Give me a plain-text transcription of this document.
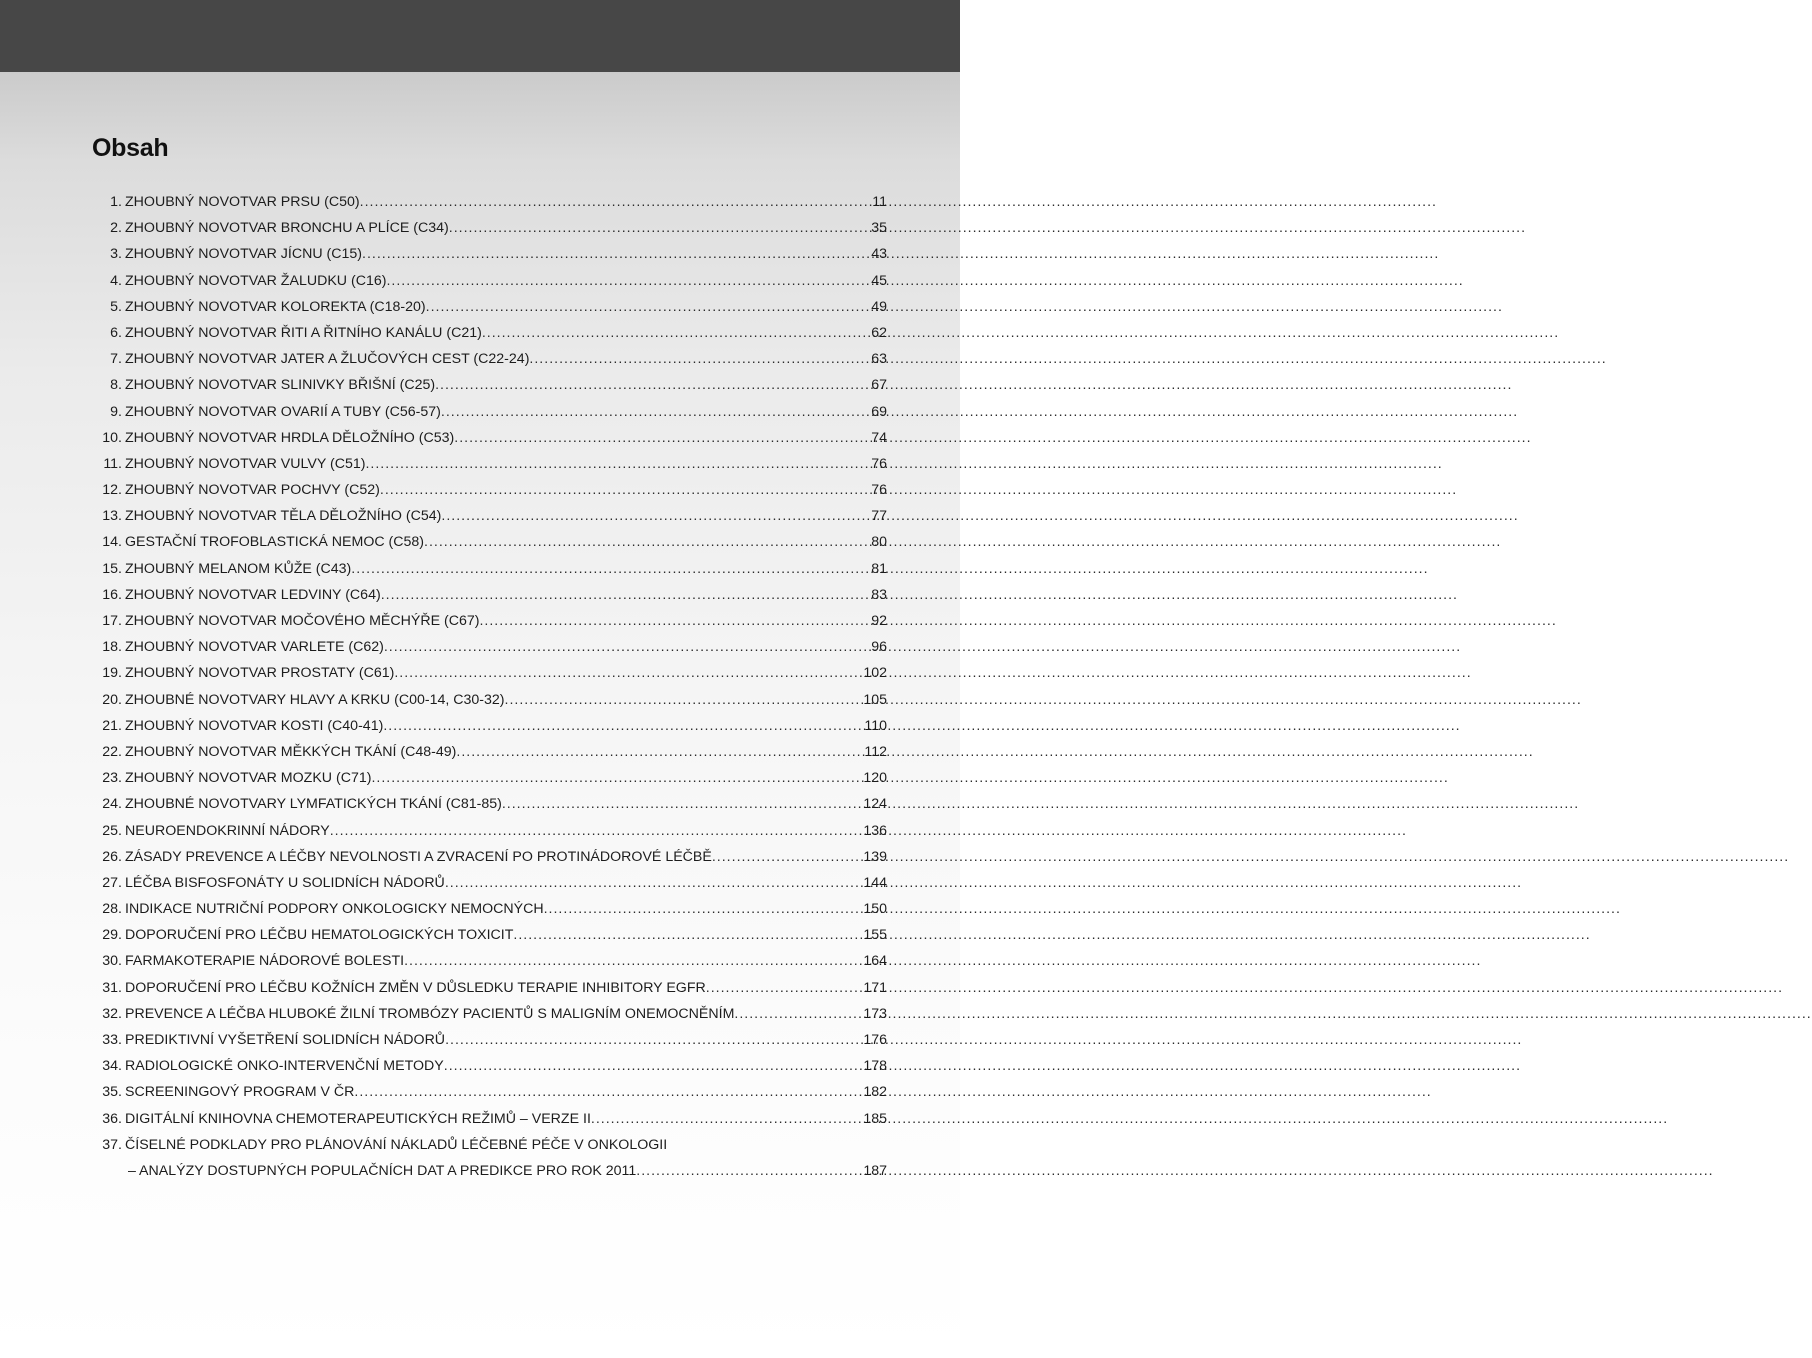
Obsah
1. ZHOUBNÝ NOVOTVAR PRSU (C50) .....	11
2. ZHOUBNÝ NOVOTVAR BRONCHU A PLÍCE (C34) .....	35
3. ZHOUBNÝ NOVOTVAR JÍCNU (C15) .....	43
4. ZHOUBNÝ NOVOTVAR ŽALUDKU (C16) .....	45
5. ZHOUBNÝ NOVOTVAR KOLOREKTA (C18-20) .....	49
6. ZHOUBNÝ NOVOTVAR ŘITI A ŘITNÍHO KANÁLU (C21) .....	62
7. ZHOUBNÝ NOVOTVAR JATER A ŽLUČOVÝCH CEST (C22-24) .....	63
8. ZHOUBNÝ NOVOTVAR SLINIVKY BŘIŠNÍ (C25) .....	67
9. ZHOUBNÝ NOVOTVAR OVARIÍ A TUBY (C56-57) .....	69
10. ZHOUBNÝ NOVOTVAR HRDLA DĚLOŽNÍHO (C53) .....	74
11. ZHOUBNÝ NOVOTVAR VULVY (C51) .....	76
12. ZHOUBNÝ NOVOTVAR POCHVY (C52) .....	76
13. ZHOUBNÝ NOVOTVAR TĚLA DĚLOŽNÍHO (C54) .....	77
14. GESTAČNÍ TROFOBLASTICKÁ NEMOC (C58) .....	80
15. ZHOUBNÝ MELANOM KŮŽE (C43) .....	81
16. ZHOUBNÝ NOVOTVAR LEDVINY (C64) .....	83
17. ZHOUBNÝ NOVOTVAR MOČOVÉHO MĚCHÝŘE (C67) .....	92
18. ZHOUBNÝ NOVOTVAR VARLETE (C62) .....	96
19. ZHOUBNÝ NOVOTVAR PROSTATY (C61) .....	102
20. ZHOUBNÉ NOVOTVARY HLAVY A KRKU (C00-14, C30-32) .....	105
21. ZHOUBNÝ NOVOTVAR KOSTI (C40-41) .....	110
22. ZHOUBNÝ NOVOTVAR MĚKKÝCH TKÁNÍ (C48-49) .....	112
23. ZHOUBNÝ NOVOTVAR MOZKU (C71) .....	120
24. ZHOUBNÉ NOVOTVARY LYMFATICKÝCH TKÁNÍ (C81-85) .....	124
25. NEUROENDOKRINNÍ NÁDORY .....	136
26. ZÁSADY PREVENCE A LÉČBY NEVOLNOSTI A ZVRACENÍ PO PROTINÁDOROVÉ LÉČBĚ .....	139
27. LÉČBA BISFOSFONÁTY U SOLIDNÍCH NÁDORŮ .....	144
28. INDIKACE NUTRIČNÍ PODPORY ONKOLOGICKY NEMOCNÝCH .....	150
29. DOPORUČENÍ PRO LÉČBU HEMATOLOGICKÝCH TOXICIT .....	155
30. FARMAKOTERAPIE NÁDOROVÉ BOLESTI .....	164
31. DOPORUČENÍ PRO LÉČBU KOŽNÍCH ZMĚN V DŮSLEDKU TERAPIE INHIBITORY EGFR .....	171
32. PREVENCE A LÉČBA HLUBOKÉ ŽILNÍ TROMBÓZY PACIENTŮ S MALIGNÍM ONEMOCNĚNÍM .....	173
33. PREDIKTIVNÍ VYŠETŘENÍ SOLIDNÍCH NÁDORŮ .....	176
34. RADIOLOGICKÉ ONKO-INTERVENČNÍ METODY .....	178
35. SCREENINGOVÝ PROGRAM V ČR .....	182
36. DIGITÁLNÍ KNIHOVNA CHEMOTERAPEUTICKÝCH REŽIMŮ – VERZE II .....	185
37. ČÍSELNÉ PODKLADY PRO PLÁNOVÁNÍ NÁKLADŮ LÉČEBNÉ PÉČE V ONKOLOGII
– ANALÝZY DOSTUPNÝCH POPULAČNÍCH DAT A PREDIKCE PRO ROK 2011 .....	187
